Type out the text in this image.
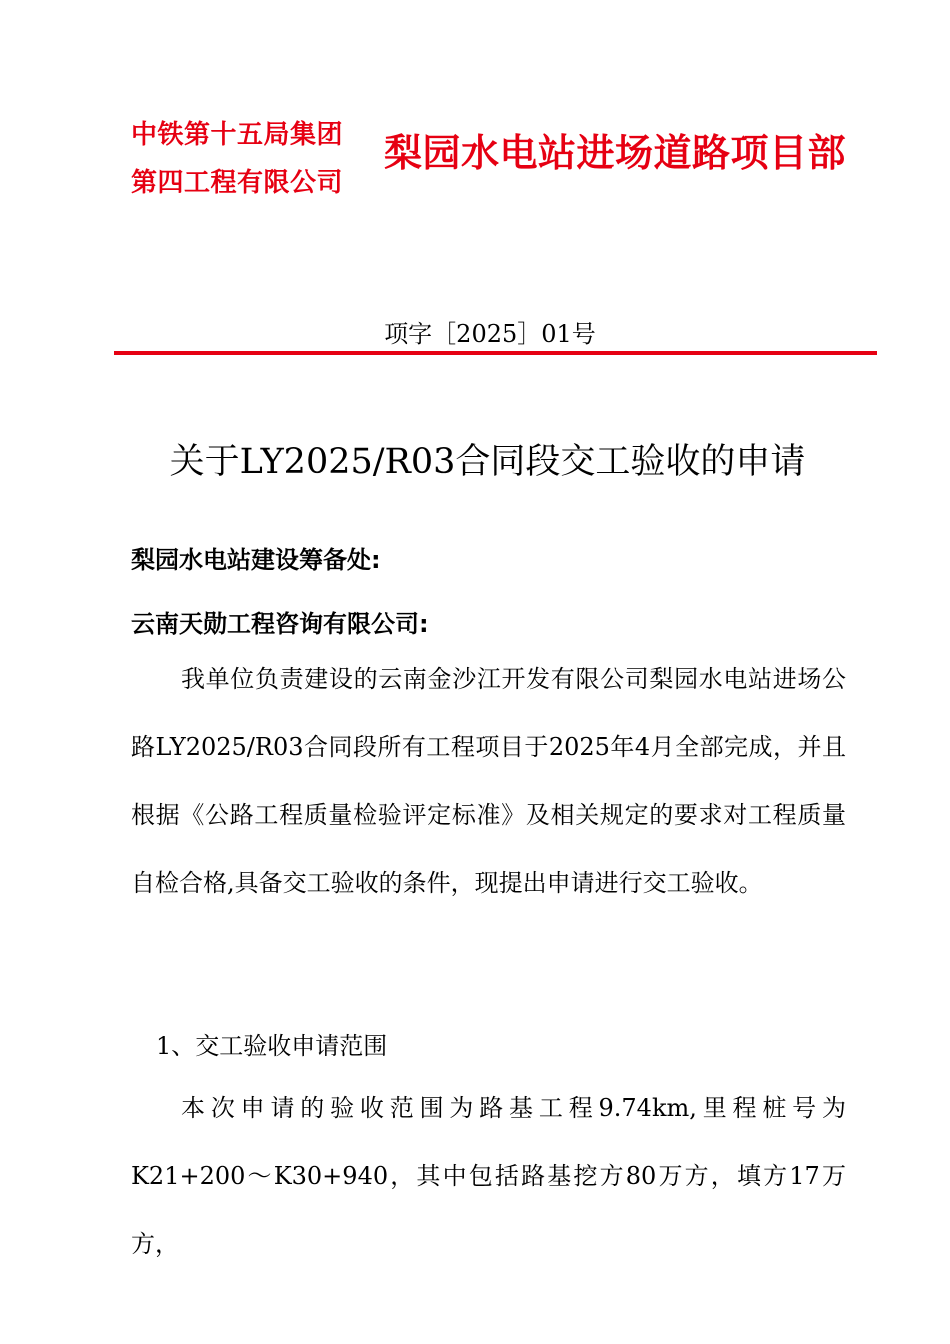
中铁第十五局集团
第四工程有限公司
梨园水电站进场道路项目部
项字［2025］01号
关于LY2025/R03合同段交工验收的申请
梨园水电站建设筹备处:
云南天勋工程咨询有限公司:
我单位负责建设的云南金沙江开发有限公司梨园水电站进场公路LY2025/R03合同段所有工程项目于2025年4月全部完成，并且根据《公路工程质量检验评定标准》及相关规定的要求对工程质量自检合格,具备交工验收的条件，现提出申请进行交工验收。
1、交工验收申请范围
本次申请的验收范围为路基工程9.74km,里程桩号为K21+200～K30+940，其中包括路基挖方80万方，填方17万方，
